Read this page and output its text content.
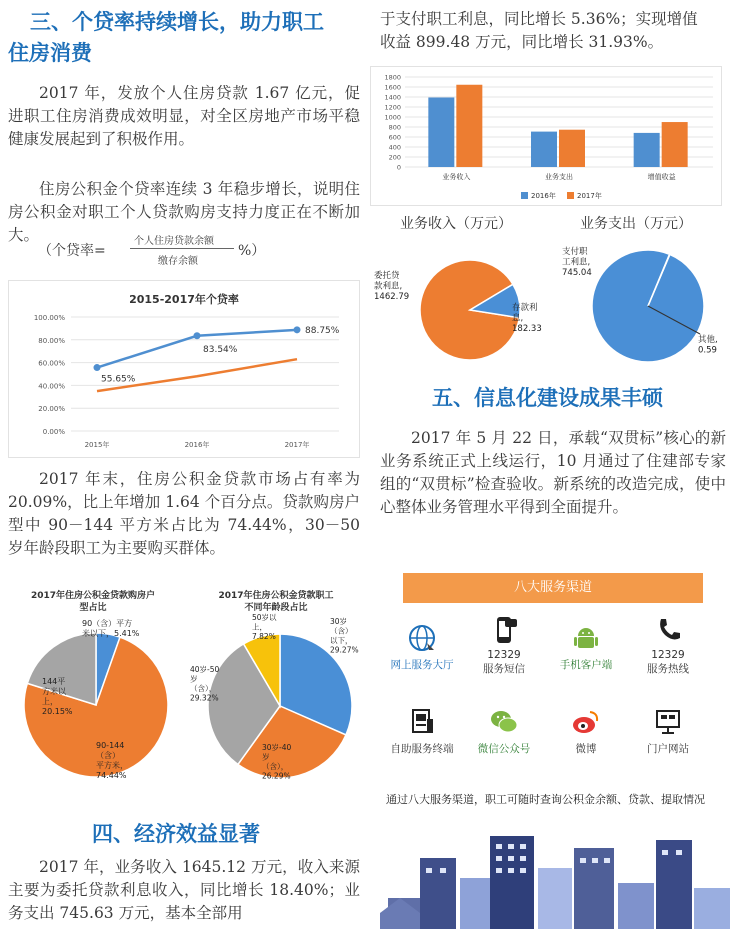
三、个贷率持续增长，助力职工
住房消费
2017 年，发放个人住房贷款 1.67 亿元，促进职工住房消费成效明显，对全区房地产市场平稳健康发展起到了积极作用。
住房公积金个贷率连续 3 年稳步增长，说明住房公积金对职工个人贷款购房支持力度正在不断加大。
（个贷率=
个人住房贷款余额
缴存余额
%）
2015-2017年个贷率
0.00%
20.00%
40.00%
60.00%
80.00%
100.00%
2015年	2016年	2017年
55.65%
83.54%
88.75%
2017 年末，住房公积金贷款市场占有率为 20.09%，比上年增加 1.64 个百分点。贷款购房户型中 90－144 平方米占比为 74.44%，30－50 岁年龄段职工为主要购买群体。
2017年住房公积金贷款购房户
型占比
90（含）平方
米以下，5.41%
90-144
（含）
平方米，
74.44%
144平
方米以
上，
20.15%
2017年住房公积金贷款职工
不同年龄段占比
30岁
（含）
以下，
29.27%
30岁-40
岁
（含），
26.29%
40岁-50
岁
（含），
29.32%
50岁以
上，
7.82%
四、经济效益显著
2017 年，业务收入 1645.12 万元，收入来源主要为委托贷款利息收入，同比增长 18.40%；业务支出 745.63 万元，基本全部用
于支付职工利息，同比增长 5.36%；实现增值
收益 899.48 万元，同比增长 31.93%。
0
200
400
600
800
1000
1200
1400
1600
1800
业务收入	业务支出	增值收益
2016年	2017年
业务收入（万元）
委托贷
款利息,
1462.79
存款利
息,
182.33
业务支出（万元）
支付职
工利息,
745.04
其他,
0.59
五、信息化建设成果丰硕
2017 年 5 月 22 日，承载“双贯标”核心的新业务系统正式上线运行，10 月通过了住建部专家组的“双贯标”检查验收。新系统的改造完成，使中心整体业务管理水平得到全面提升。
八大服务渠道
网上服务大厅
12329
服务短信	手机客户端
12329
服务热线
自助服务终端	微信公众号	微博	门户网站
通过八大服务渠道，职工可随时查询公积金余额、贷款、提取情况
